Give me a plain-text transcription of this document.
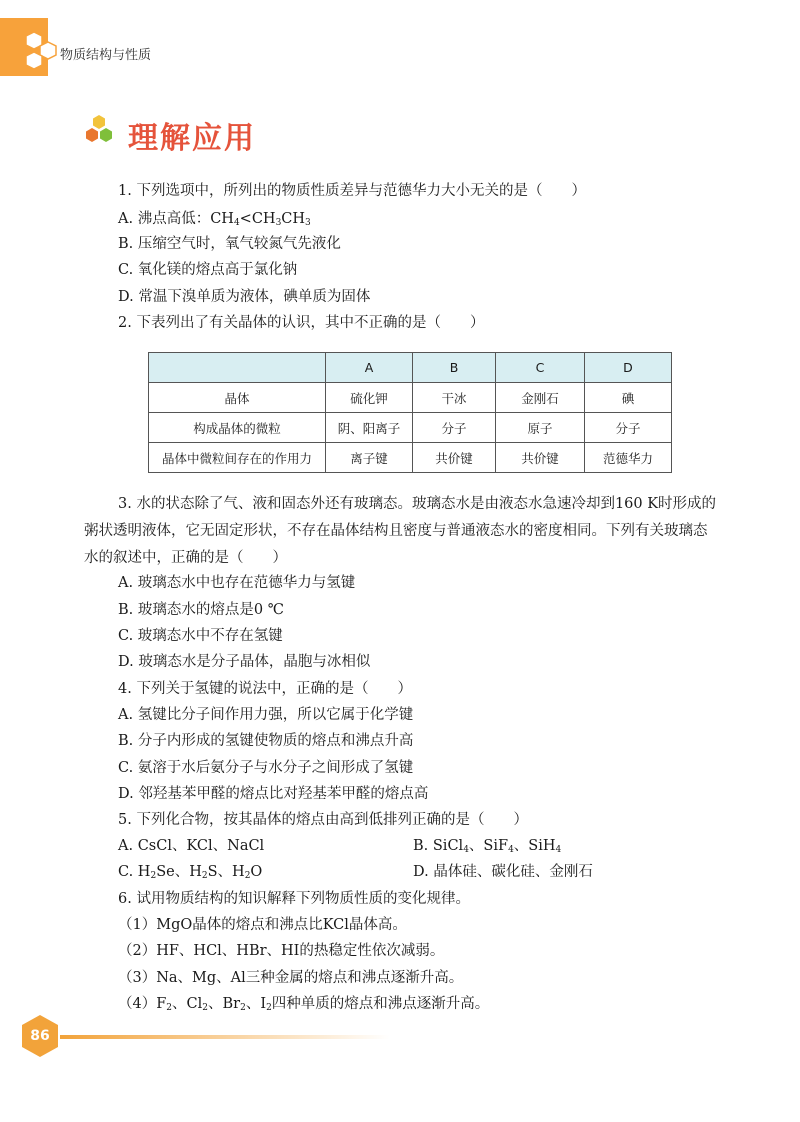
物质结构与性质
理解应用
1. 下列选项中，所列出的物质性质差异与范德华力大小无关的是（　　）
A. 沸点高低：$CH_4<CH_3CH_3$
B. 压缩空气时，氧气较氮气先液化
C. 氧化镁的熔点高于氯化钠
D. 常温下溴单质为液体，碘单质为固体
2. 下表列出了有关晶体的认识，其中不正确的是（　　）
	A	B	C	D
晶体	硫化钾	干冰	金刚石	碘
构成晶体的微粒	阴、阳离子	分子	原子	分子
晶体中微粒间存在的作用力	离子键	共价键	共价键	范德华力
3. 水的状态除了气、液和固态外还有玻璃态。玻璃态水是由液态水急速冷却到160 K时形成的粥状透明液体，它无固定形状，不存在晶体结构且密度与普通液态水的密度相同。下列有关玻璃态水的叙述中，正确的是（　　）
A. 玻璃态水中也存在范德华力与氢键
B. 玻璃态水的熔点是0 ℃
C. 玻璃态水中不存在氢键
D. 玻璃态水是分子晶体，晶胞与冰相似
4. 下列关于氢键的说法中，正确的是（　　）
A. 氢键比分子间作用力强，所以它属于化学键
B. 分子内形成的氢键使物质的熔点和沸点升高
C. 氨溶于水后氨分子与水分子之间形成了氢键
D. 邻羟基苯甲醛的熔点比对羟基苯甲醛的熔点高
5. 下列化合物，按其晶体的熔点由高到低排列正确的是（　　）
A. CsCl、KCl、NaCl	B. SiCl$_4$、SiF$_4$、SiH$_4$
C. $H_2Se$、$H_2S$、$H_2O$	D. 晶体硅、碳化硅、金刚石
6. 试用物质结构的知识解释下列物质性质的变化规律。
（1）MgO晶体的熔点和沸点比KCl晶体高。
（2）HF、HCl、HBr、HI的热稳定性依次减弱。
（3）Na、Mg、Al三种金属的熔点和沸点逐渐升高。
$(4)F_2$、$Cl_2$、$Br_2$、$I_2$四种单质的熔点和沸点逐渐升高。
86
